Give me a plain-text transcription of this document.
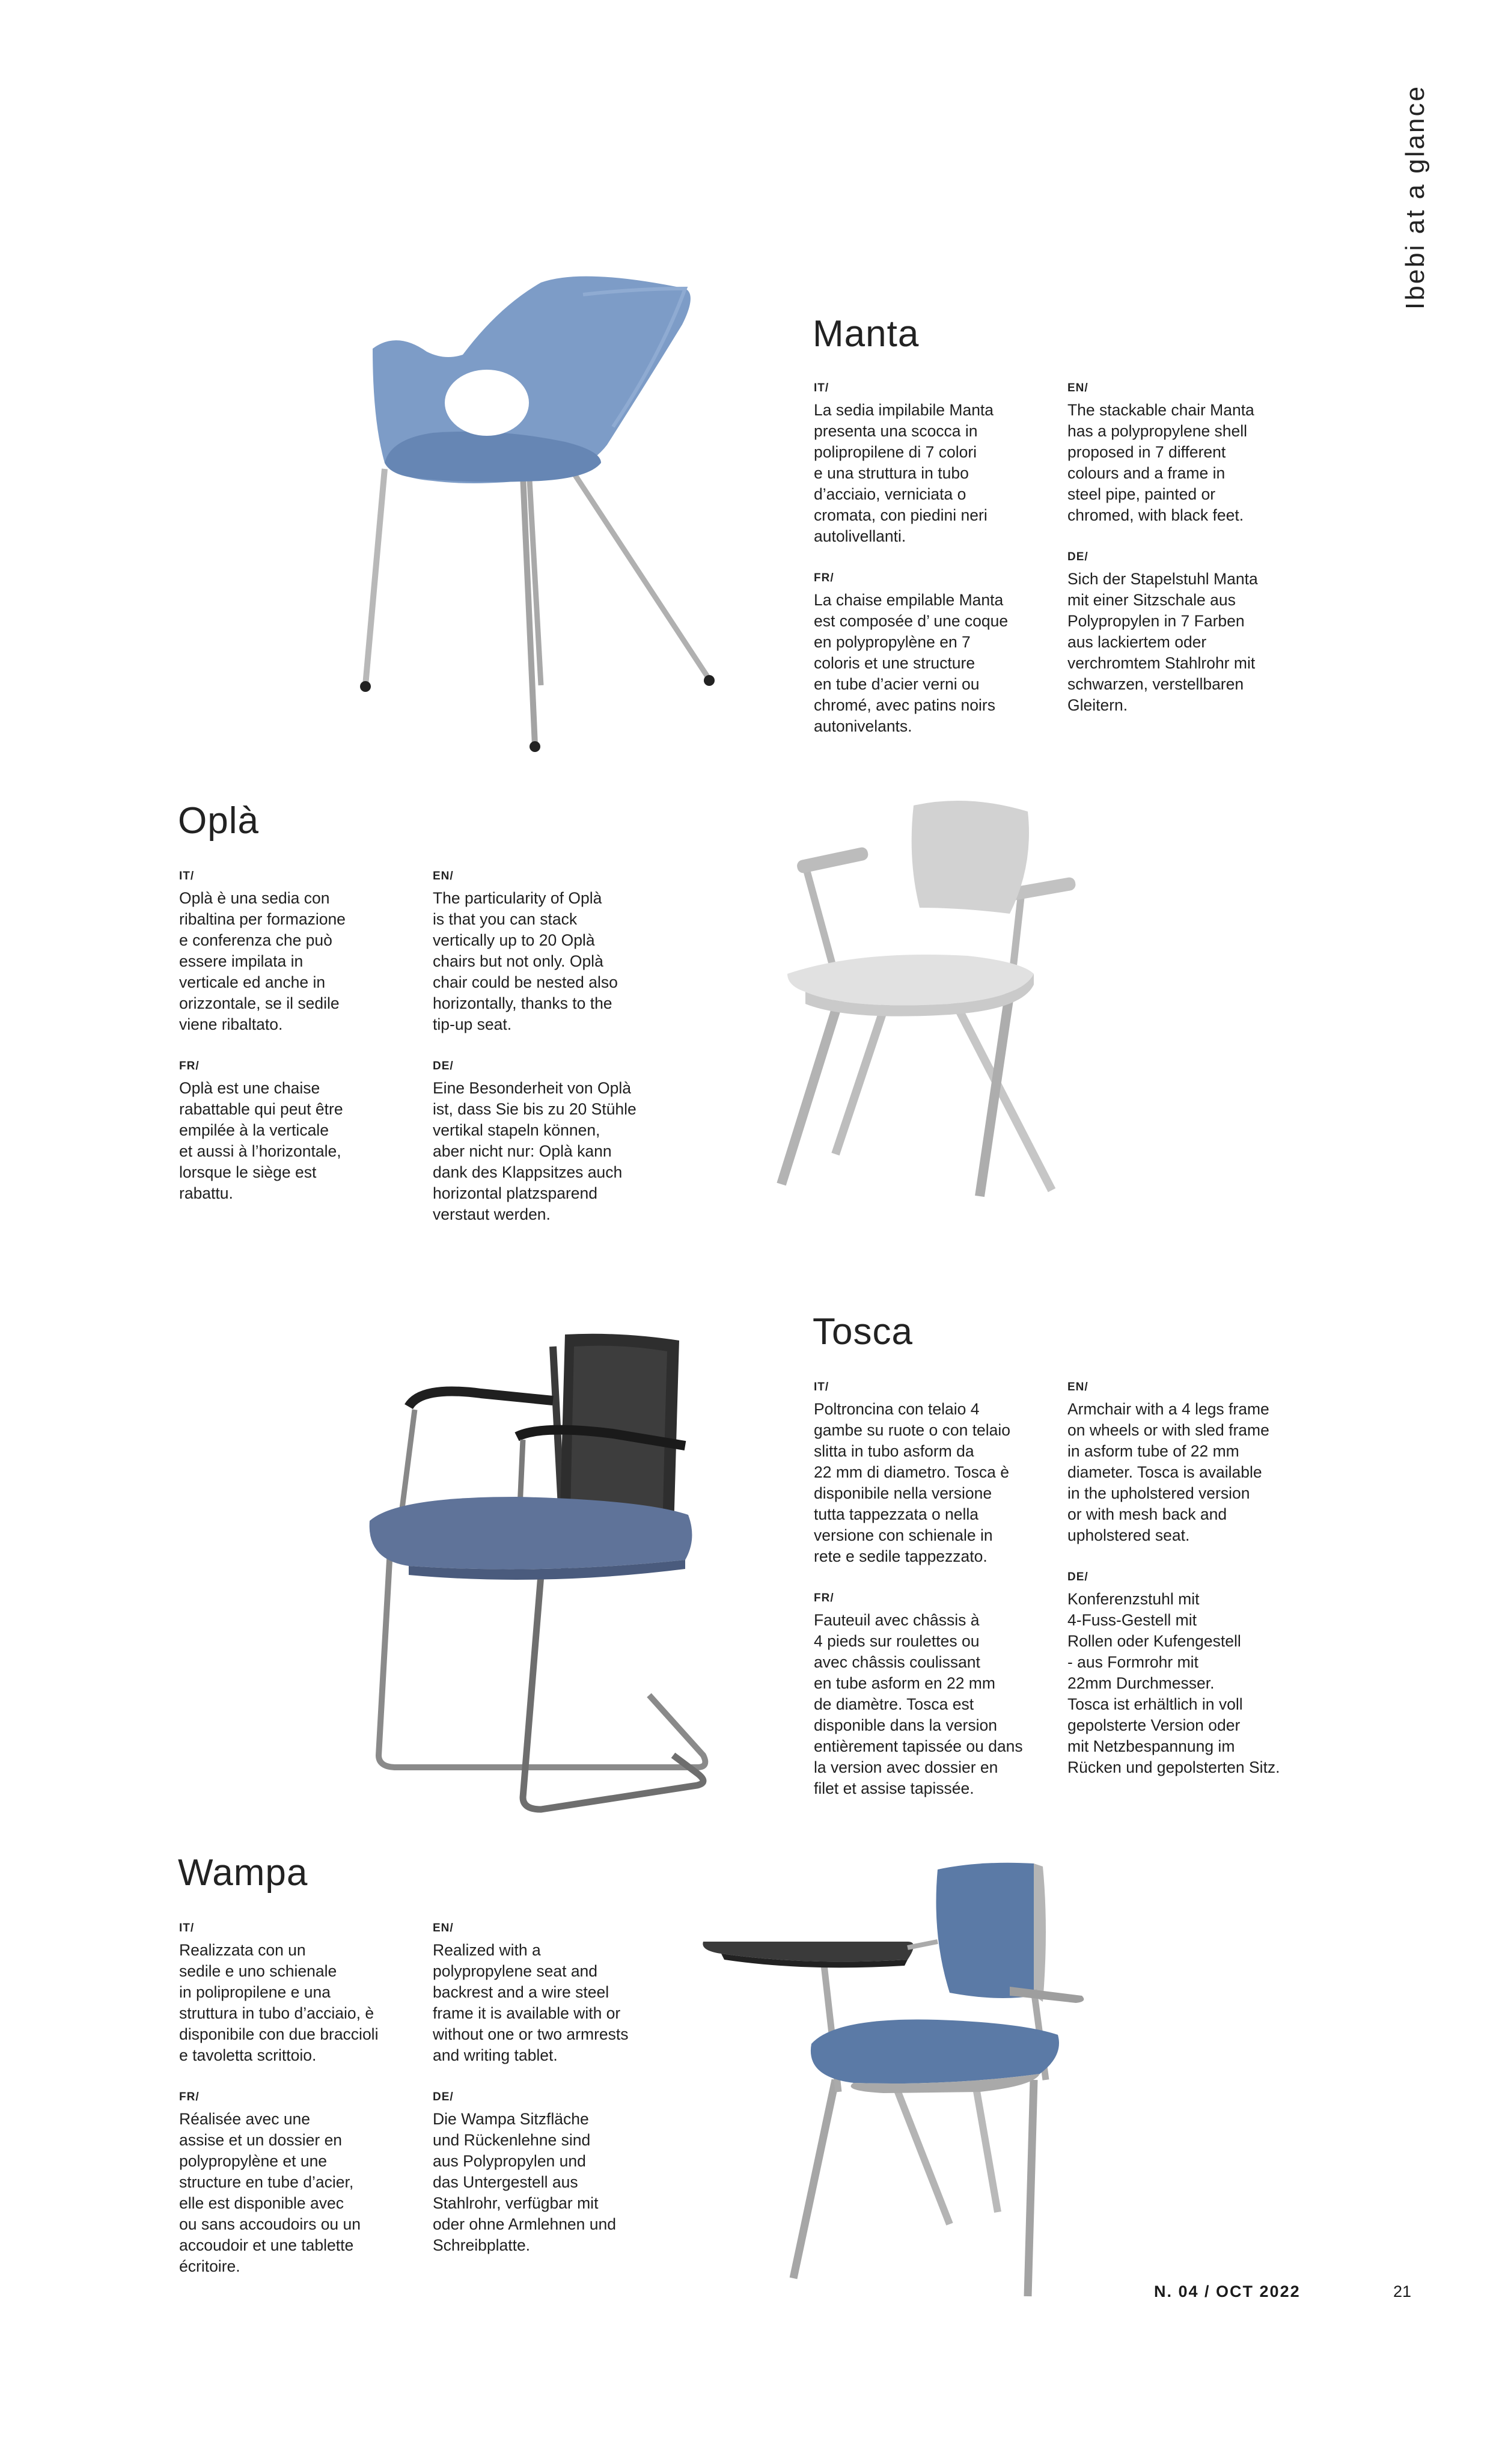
Ibebi at a glance
Manta
IT/
La sedia impilabile Manta
presenta una scocca in
polipropilene di 7 colori
e una struttura in tubo
d’acciaio, verniciata o
cromata, con piedini neri
autolivellanti.
FR/
La chaise empilable Manta
est composée d’ une coque
en polypropylène en 7
coloris et une structure
en tube d’acier verni ou
chromé, avec patins noirs
autonivelants.
EN/
The stackable chair Manta
has a polypropylene shell
proposed in 7 different
colours and a frame in
steel pipe, painted or
chromed, with black feet.
DE/
Sich der Stapelstuhl Manta
mit einer Sitzschale aus
Polypropylen in 7 Farben
aus lackiertem oder
verchromtem Stahlrohr mit
schwarzen, verstellbaren
Gleitern.
Oplà
IT/
Oplà è una sedia con
ribaltina per formazione
e conferenza che può
essere impilata in
verticale ed anche in
orizzontale, se il sedile
viene ribaltato.
FR/
Oplà est une chaise
rabattable qui peut être
empilée à la verticale
et aussi à l’horizontale,
lorsque le siège est
rabattu.
EN/
The particularity of Oplà
is that you can stack
vertically up to 20 Oplà
chairs but not only. Oplà
chair could be nested also
horizontally, thanks to the
tip-up seat.
DE/
Eine Besonderheit von Oplà
ist, dass Sie bis zu 20 Stühle
vertikal stapeln können,
aber nicht nur: Oplà kann
dank des Klappsitzes auch
horizontal platzsparend
verstaut werden.
Tosca
IT/
Poltroncina con telaio 4
gambe su ruote o con telaio
slitta in tubo asform da
22 mm di diametro. Tosca è
disponibile nella versione
tutta tappezzata o nella
versione con schienale in
rete e sedile tappezzato.
FR/
Fauteuil avec châssis à
4 pieds sur roulettes ou
avec châssis coulissant
en tube asform en 22 mm
de diamètre. Tosca est
disponible dans la version
entièrement tapissée ou dans
la version avec dossier en
filet et assise tapissée.
EN/
Armchair with a 4 legs frame
on wheels or with sled frame
in asform tube of 22 mm
diameter. Tosca is available
in the upholstered version
or with mesh back and
upholstered seat.
DE/
Konferenzstuhl mit
4-Fuss-Gestell mit
Rollen oder Kufengestell
- aus Formrohr mit
22mm Durchmesser.
Tosca ist erhältlich in voll
gepolsterte Version oder
mit Netzbespannung im
Rücken und gepolsterten Sitz.
Wampa
IT/
Realizzata con un
sedile e uno schienale
in polipropilene e una
struttura in tubo d’acciaio, è
disponibile con due braccioli
e tavoletta scrittoio.
FR/
Réalisée avec une
assise et un dossier en
polypropylène et une
structure en tube d’acier,
elle est disponible avec
ou sans accoudoirs ou un
accoudoir et une tablette
écritoire.
EN/
Realized with a
polypropylene seat and
backrest and a wire steel
frame it is available with or
without one or two armrests
and writing tablet.
DE/
Die Wampa Sitzfläche
und Rückenlehne sind
aus Polypropylen und
das Untergestell aus
Stahlrohr, verfügbar mit
oder ohne Armlehnen und
Schreibplatte.
N. 04 / OCT 2022	21
